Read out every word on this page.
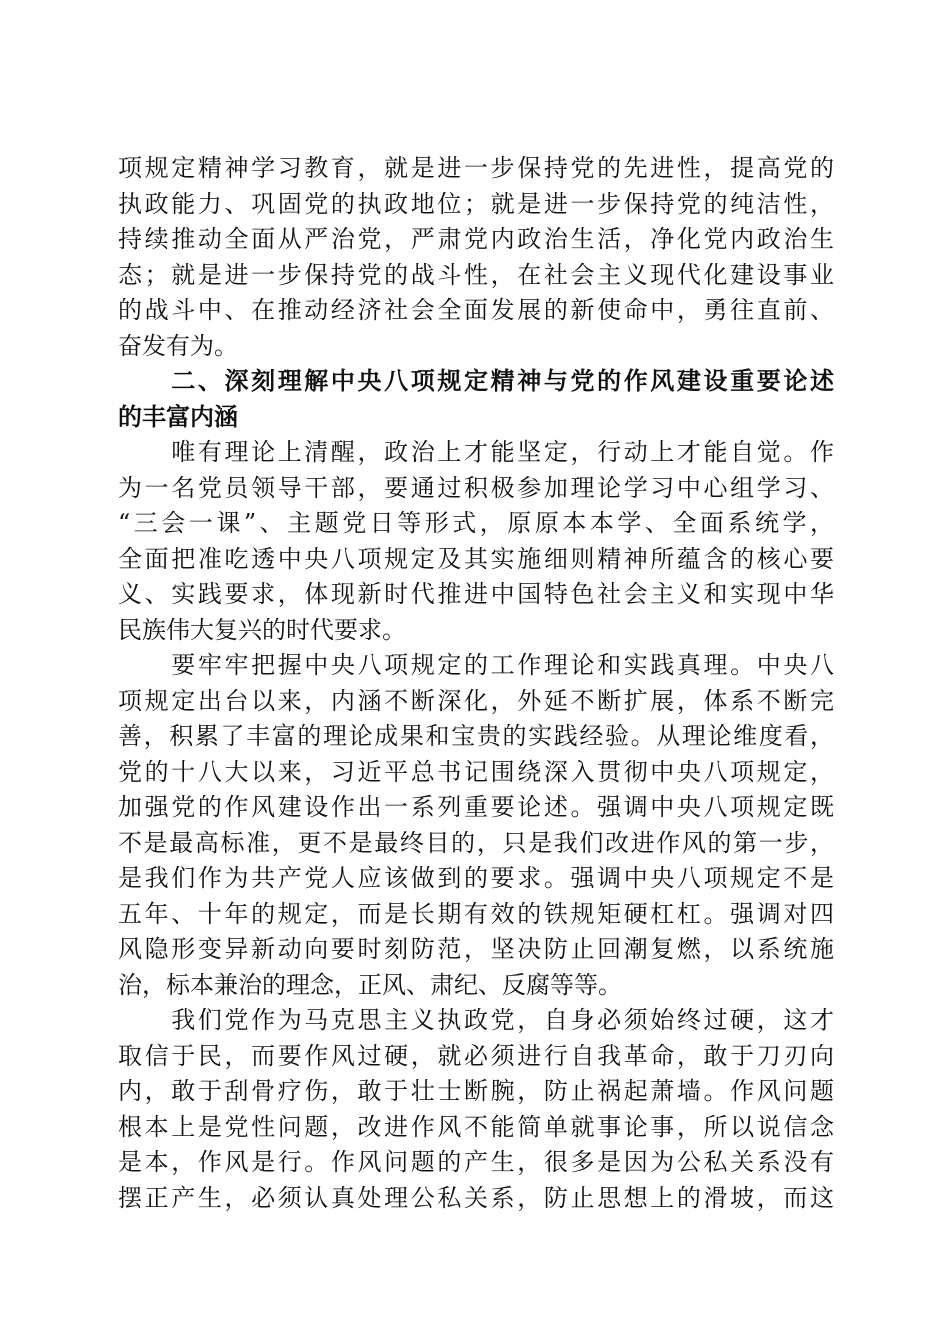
项规定精神学习教育，就是进一步保持党的先进性，提高党的
执政能力、巩固党的执政地位；就是进一步保持党的纯洁性，
持续推动全面从严治党，严肃党内政治生活，净化党内政治生
态；就是进一步保持党的战斗性，在社会主义现代化建设事业
的战斗中、在推动经济社会全面发展的新使命中，勇往直前、
奋发有为。
　　二、深刻理解中央八项规定精神与党的作风建设重要论述
的丰富内涵
　　唯有理论上清醒，政治上才能坚定，行动上才能自觉。作
为一名党员领导干部，要通过积极参加理论学习中心组学习、
“三会一课”、主题党日等形式，原原本本学、全面系统学，
全面把准吃透中央八项规定及其实施细则精神所蕴含的核心要
义、实践要求，体现新时代推进中国特色社会主义和实现中华
民族伟大复兴的时代要求。
　　要牢牢把握中央八项规定的工作理论和实践真理。中央八
项规定出台以来，内涵不断深化，外延不断扩展，体系不断完
善，积累了丰富的理论成果和宝贵的实践经验。从理论维度看，
党的十八大以来，习近平总书记围绕深入贯彻中央八项规定，
加强党的作风建设作出一系列重要论述。强调中央八项规定既
不是最高标准，更不是最终目的，只是我们改进作风的第一步，
是我们作为共产党人应该做到的要求。强调中央八项规定不是
五年、十年的规定，而是长期有效的铁规矩硬杠杠。强调对四
风隐形变异新动向要时刻防范，坚决防止回潮复燃，以系统施
治，标本兼治的理念，正风、肃纪、反腐等等。
　　我们党作为马克思主义执政党，自身必须始终过硬，这才
取信于民，而要作风过硬，就必须进行自我革命，敢于刀刃向
内，敢于刮骨疗伤，敢于壮士断腕，防止祸起萧墙。作风问题
根本上是党性问题，改进作风不能简单就事论事，所以说信念
是本，作风是行。作风问题的产生，很多是因为公私关系没有
摆正产生，必须认真处理公私关系，防止思想上的滑坡，而这
